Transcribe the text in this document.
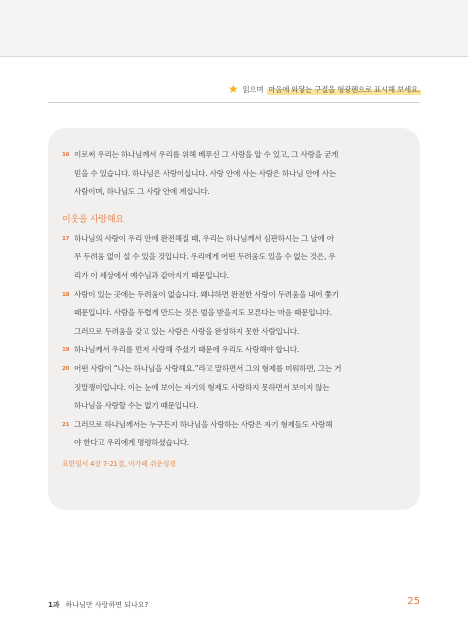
★ 읽으며 마음에 와닿는 구절을 형광펜으로 표시해 보세요.
16 이로써 우리는 하나님께서 우리를 위해 베푸신 그 사랑을 알 수 있고, 그 사랑을 굳게
믿을 수 있습니다. 하나님은 사랑이십니다. 사랑 안에 사는 사람은 하나님 안에 사는
사람이며, 하나님도 그 사람 안에 계십니다.
이웃을 사랑해요
17 하나님의 사랑이 우리 안에 완전해질 때, 우리는 하나님께서 심판하시는 그 날에 아
무 두려움 없이 설 수 있을 것입니다. 우리에게 어떤 두려움도 있을 수 없는 것은, 우
리가 이 세상에서 예수님과 같아지기 때문입니다.
18 사랑이 있는 곳에는 두려움이 없습니다. 왜냐하면 완전한 사랑이 두려움을 내어 쫓기
때문입니다. 사람을 두렵게 만드는 것은 벌을 받을지도 모른다는 마음 때문입니다.
그러므로 두려움을 갖고 있는 사람은 사랑을 완성하지 못한 사람입니다.
19 하나님께서 우리를 먼저 사랑해 주셨기 때문에 우리도 사랑해야 합니다.
20 어떤 사람이 “나는 하나님을 사랑해요.”라고 말하면서 그의 형제를 미워하면, 그는 거
짓말쟁이입니다. 이는 눈에 보이는 자기의 형제도 사랑하지 못하면서 보이지 않는
하나님을 사랑할 수는 없기 때문입니다.
21 그러므로 하나님께서는 누구든지 하나님을 사랑하는 사람은 자기 형제들도 사랑해
야 한다고 우리에게 명령하셨습니다.
요한일서 4장 7-21절, 아가페 쉬운성경
1과 하나님만 사랑하면 되나요?	25
